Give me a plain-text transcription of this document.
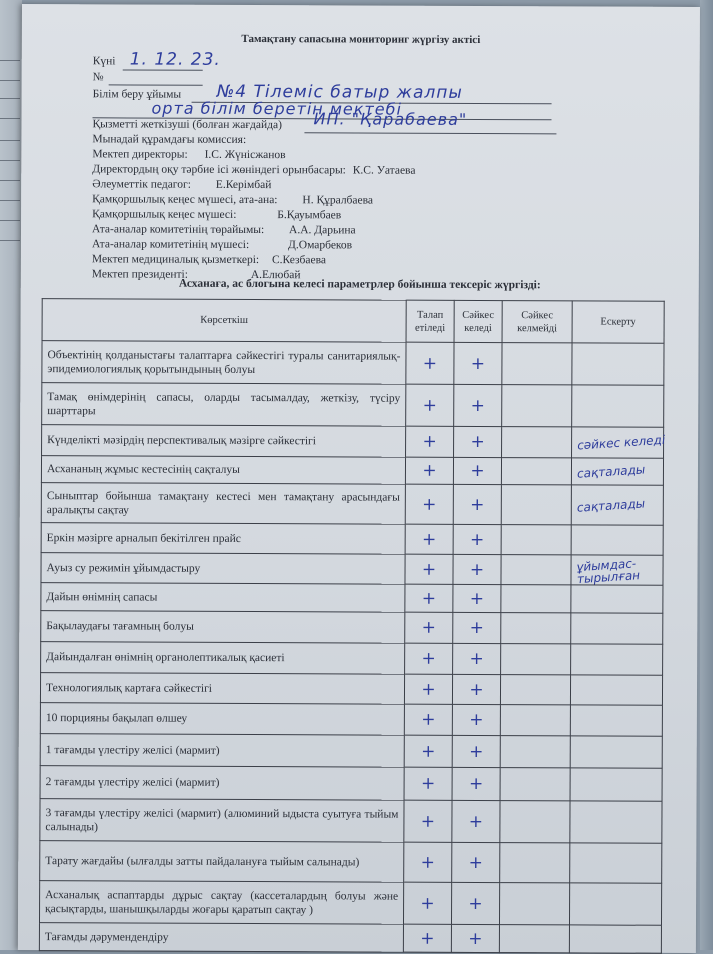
Тамақтану сапасына мониторинг жүргізу актісі
Күні 1. 12. 23.
№
Білім беру ұйымы №4 Тілеміс батыр жалпы
орта білім беретін мектебі
Қызметті жеткізуші (болған жағдайда) ИП. "Қарабаева"
Мынадай құрамдағы комиссия:
Мектеп директоры: І.С. Жүнісжанов
Директордың оқу тәрбие ісі жөніндегі орынбасары: К.С. Уатаева
Әлеуметтік педагог: Е.Керімбай
Қамқоршылық кеңес мүшесі, ата-ана: Н. Құралбаева
Қамқоршылық кеңес мүшесі:	Б.Қауымбаев
Ата-аналар комитетінің төрайымы: А.А. Дарьина
Ата-аналар комитетінің мүшесі:	Д.Омарбеков
Мектеп медициналық қызметкері: С.Кезбаева
Мектеп президенті:	А.Елюбай
Асханаға, ас блогына келесі параметрлер бойынша тексеріс жүргізді:
Көрсеткіш	Талап етіледі	Сәйкес келеді	Сәйкес келмейді	Ескерту
Объектінің қолданыстағы талаптарға сәйкестігі туралы санитариялық-эпидемиологиялық қорытындының болуы	+	+		
Тамақ өнімдерінің сапасы, оларды тасымалдау, жеткізу, түсіру шарттары	+	+		
Күнделікті мәзірдің перспективалық мәзірге сәйкестігі	+	+		сәйкес келеді
Асхананың жұмыс кестесінің сақталуы	+	+		сақталады
Сыныптар бойынша тамақтану кестесі мен тамақтану арасындағы аралықты сақтау	+	+		сақталады
Еркін мәзірге арналып бекітілген прайс	+	+		
Ауыз су режимін ұйымдастыру	+	+		ұйымдас-тырылған
Дайын өнімнің сапасы	+	+		
Бақылаудағы тағамның болуы	+	+		
Дайындалған өнімнің органолептикалық қасиеті	+	+		
Технологиялық картаға сәйкестігі	+	+		
10 порцияны бақылап өлшеу	+	+		
1 тағамды үлестіру желісі (мармит)	+	+		
2 тағамды үлестіру желісі (мармит)	+	+		
3 тағамды үлестіру желісі (мармит) (алюминий ыдыста суытуға тыйым салынады)	+	+		
Тарату жағдайы (ылғалды затты пайдалануға тыйым салынады)	+	+		
Асханалық аспаптарды дұрыс сақтау (кассеталардың болуы және қасықтарды, шанышқыларды жоғары қаратып сақтау )	+	+		
Тағамды дәрумендендіру	+	+		
